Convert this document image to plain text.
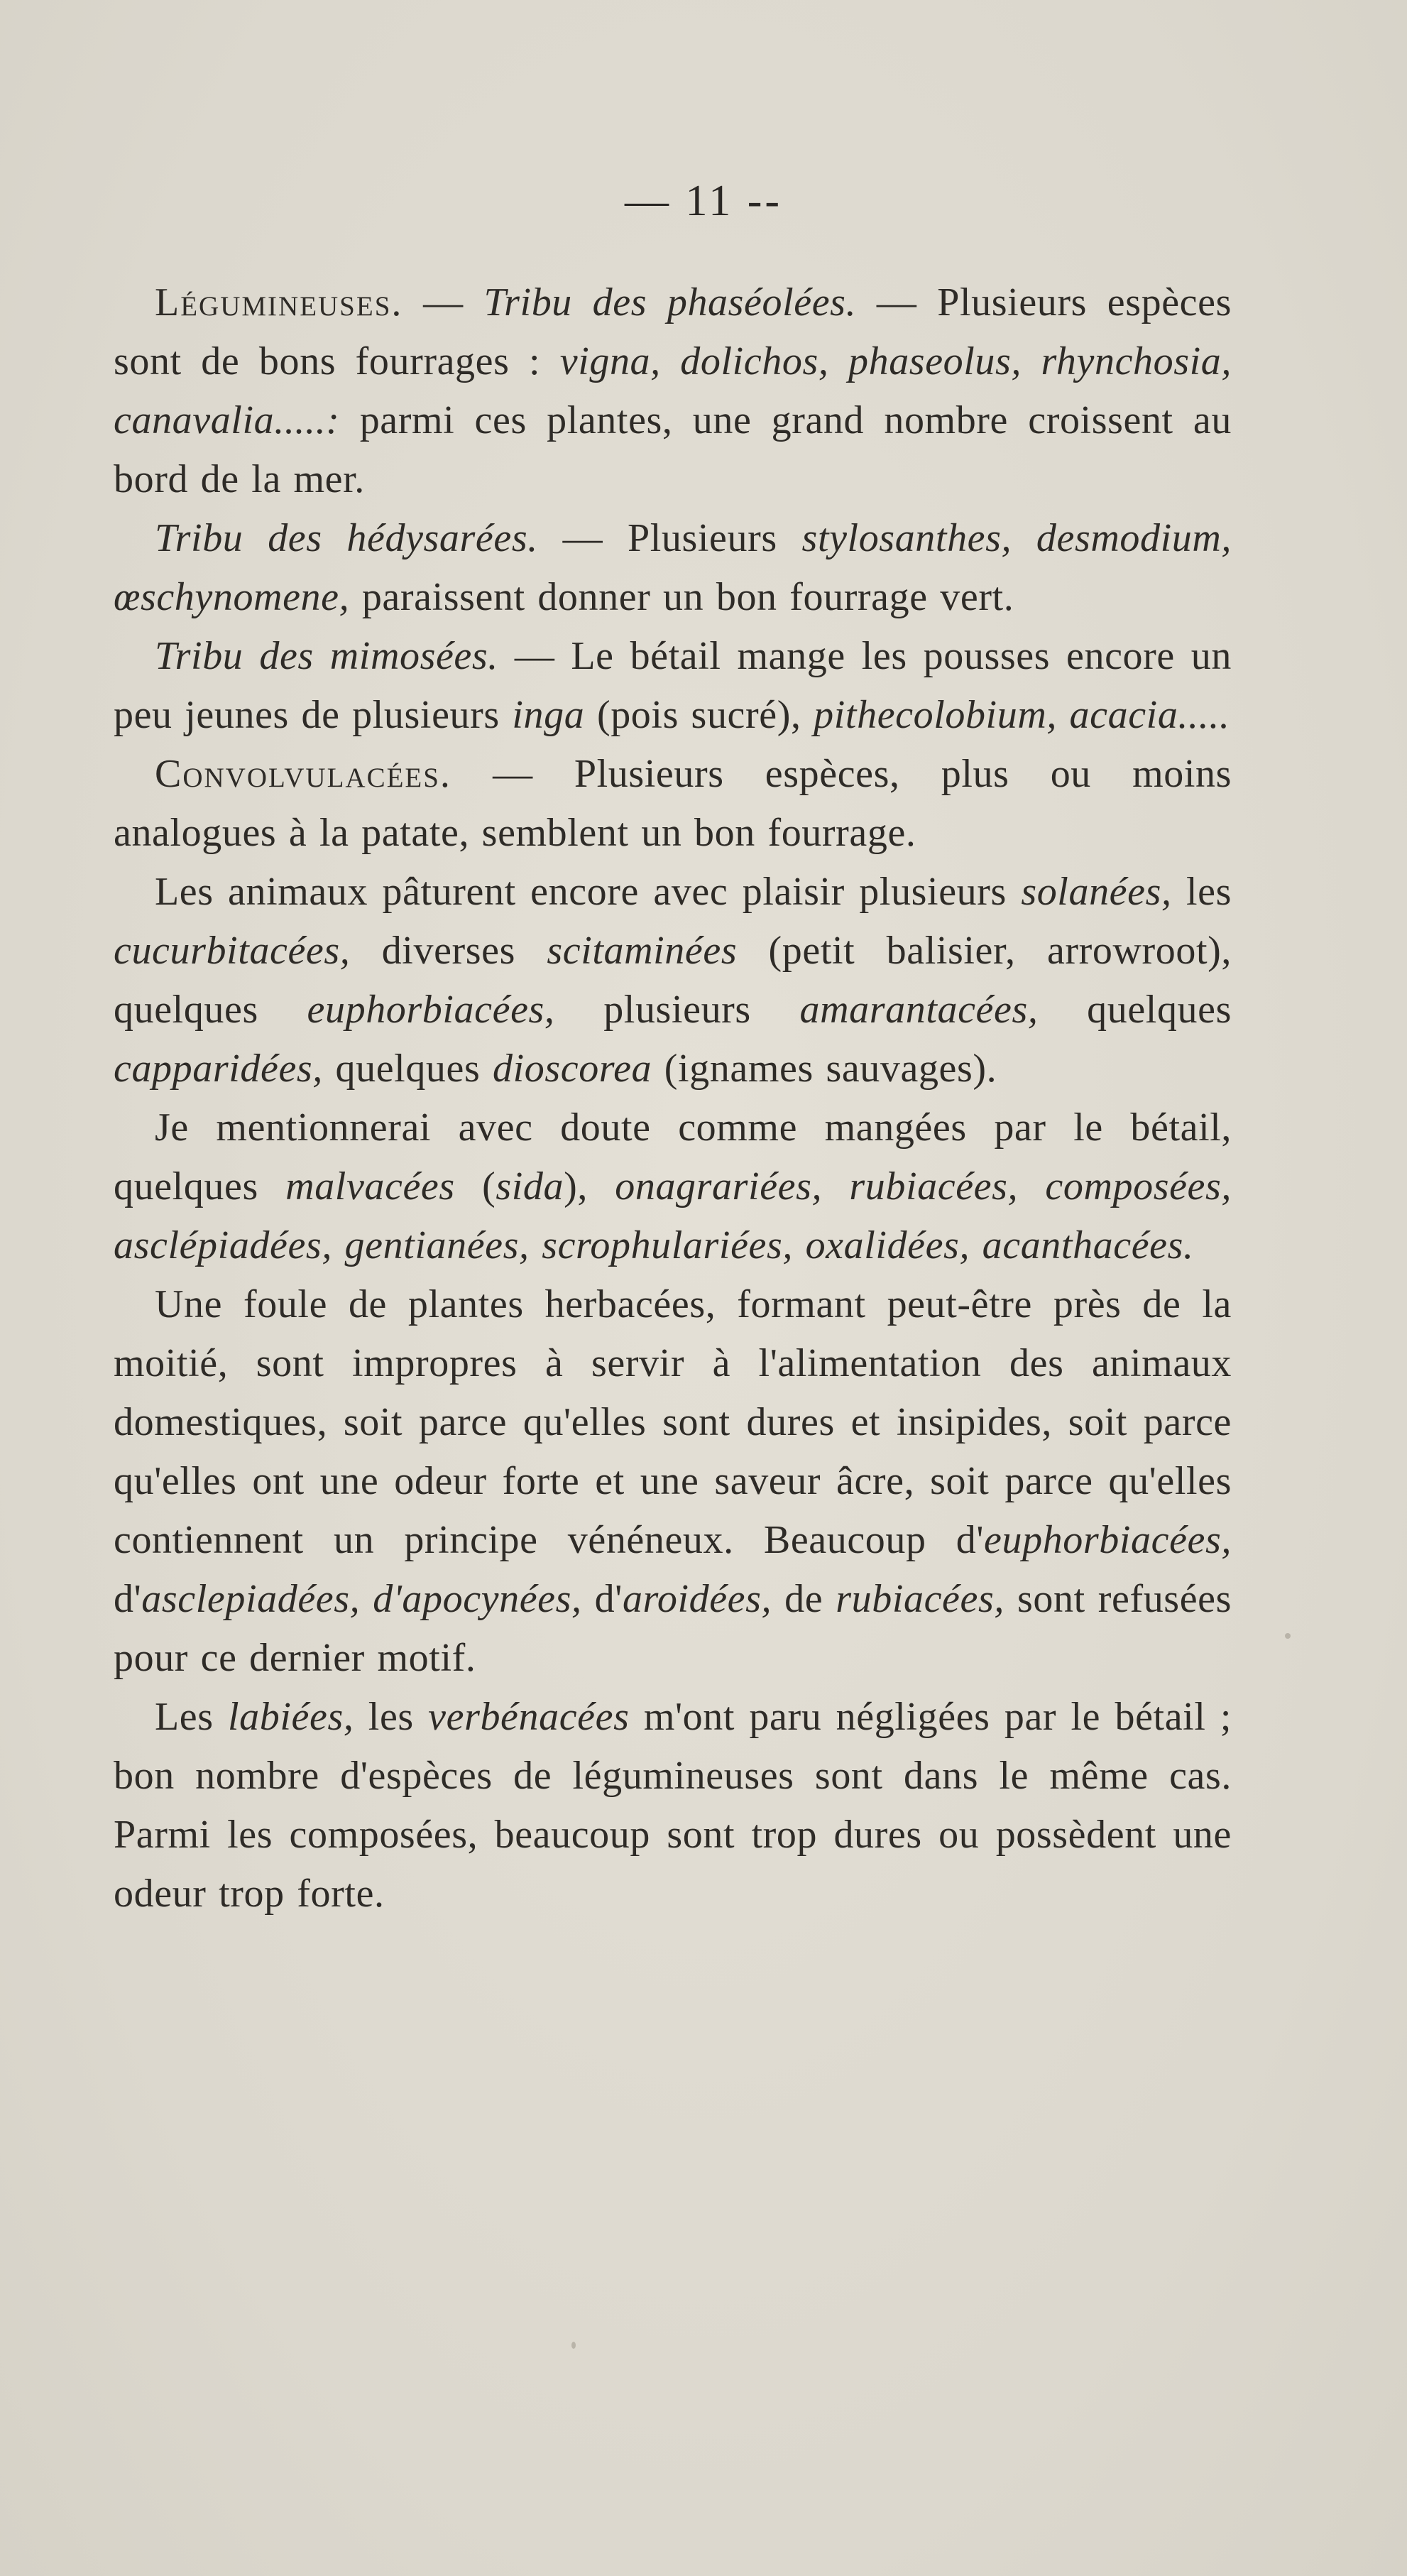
— 11 --

Légumineuses. — Tribu des phaséolées. — Plusieurs espèces sont de bons fourrages : vigna, dolichos, phaseolus, rhynchosia, canavalia.....: parmi ces plantes, une grand nombre croissent au bord de la mer.

Tribu des hédysarées. — Plusieurs stylosanthes, desmodium, œschynomene, paraissent donner un bon fourrage vert.

Tribu des mimosées. — Le bétail mange les pousses encore un peu jeunes de plusieurs inga (pois sucré), pithecolobium, acacia.....

Convolvulacées. — Plusieurs espèces, plus ou moins analogues à la patate, semblent un bon fourrage.

Les animaux pâturent encore avec plaisir plusieurs solanées, les cucurbitacées, diverses scitaminées (petit balisier, arrowroot), quelques euphorbiacées, plusieurs amarantacées, quelques capparidées, quelques dioscorea (ignames sauvages).

Je mentionnerai avec doute comme mangées par le bétail, quelques malvacées (sida), onagrariées, rubiacées, composées, asclépiadées, gentianées, scrophulariées, oxalidées, acanthacées.

Une foule de plantes herbacées, formant peut-être près de la moitié, sont impropres à servir à l'alimentation des animaux domestiques, soit parce qu'elles sont dures et insipides, soit parce qu'elles ont une odeur forte et une saveur âcre, soit parce qu'elles contiennent un principe vénéneux. Beaucoup d'euphorbiacées, d'asclepiadées, d'apocynées, d'aroidées, de rubiacées, sont refusées pour ce dernier motif.

Les labiées, les verbénacées m'ont paru négligées par le bétail ; bon nombre d'espèces de légumineuses sont dans le même cas. Parmi les composées, beaucoup sont trop dures ou possèdent une odeur trop forte.
